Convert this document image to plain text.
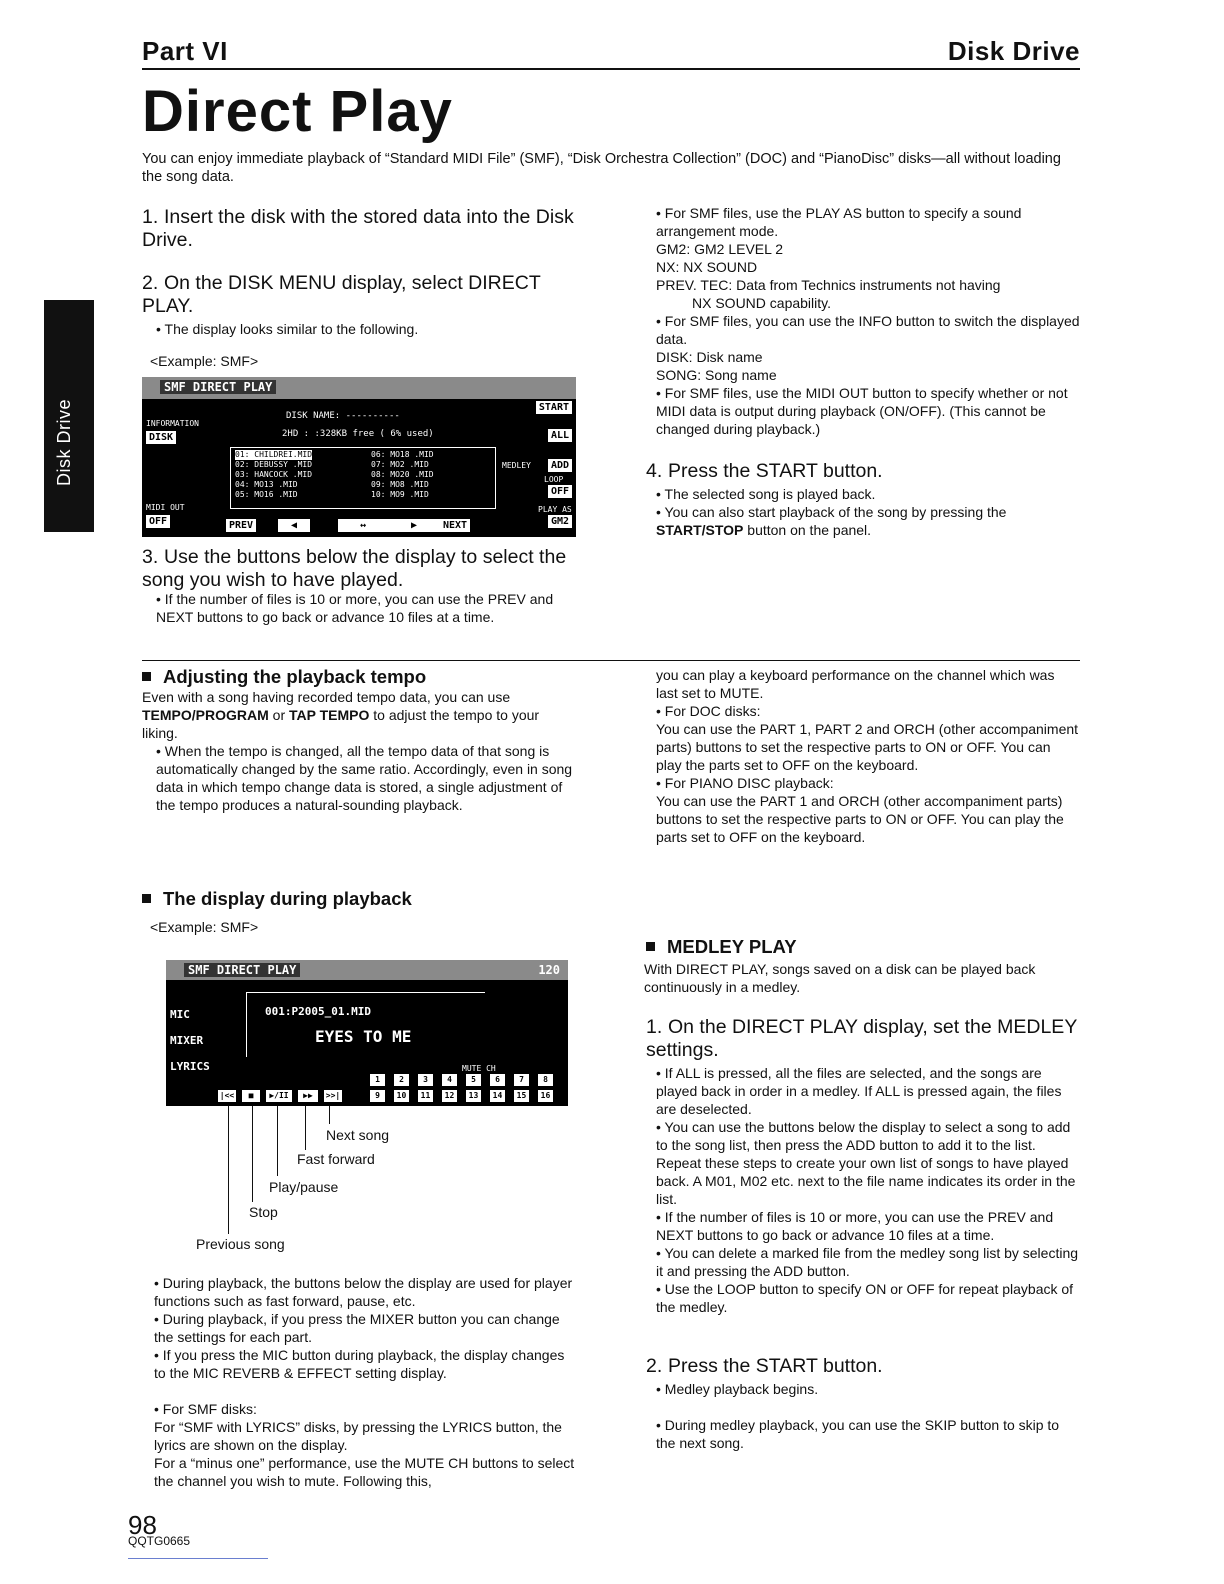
Part VI	Disk Drive
Direct Play
You can enjoy immediate playback of “Standard MIDI File” (SMF), “Disk Orchestra Collection” (DOC) and “PianoDisc” disks—all without loading the song data.
Disk Drive
1. Insert the disk with the stored data into the Disk Drive.
2. On the DISK MENU display, select DIRECT PLAY.
• The display looks similar to the following.
<Example: SMF>
SMF DIRECT PLAY
DISK NAME: ----------
INFORMATION
DISK	2HD : :328KB free ( 6% used)
START
ALL
MEDLEY	ADD
LOOP
OFF
MIDI OUT
OFF
PLAY AS
GM2
01: CHILDREI.MID
02: DEBUSSY .MID
03: HANCOCK .MID
04: MO13 .MID
05: MO16 .MID
06: MO18 .MID
07: MO2 .MID
08: MO20 .MID
09: MO8 .MID
10: MO9 .MID
PREV	◀	↔	▶	NEXT
3. Use the buttons below the display to select the song you wish to have played.
• If the number of files is 10 or more, you can use the PREV and NEXT buttons to go back or advance 10 files at a time.
• For SMF files, use the PLAY AS button to specify a sound arrangement mode.
GM2: GM2 LEVEL 2
NX: NX SOUND
PREV. TEC: Data from Technics instruments not having
NX SOUND capability.
• For SMF files, you can use the INFO button to switch the displayed data.
DISK: Disk name
SONG: Song name
• For SMF files, use the MIDI OUT button to specify whether or not MIDI data is output during playback (ON/OFF). (This cannot be changed during playback.)
4. Press the START button.
• The selected song is played back.
• You can also start playback of the song by pressing the START/STOP button on the panel.
Adjusting the playback tempo
Even with a song having recorded tempo data, you can use TEMPO/PROGRAM or TAP TEMPO to adjust the tempo to your liking.
• When the tempo is changed, all the tempo data of that song is automatically changed by the same ratio. Accordingly, even in song data in which tempo change data is stored, a single adjustment of the tempo produces a natural-sounding playback.
The display during playback
<Example: SMF>
SMF DIRECT PLAY	120
MIC
MIXER
LYRICS
001:P2005_01.MID
EYES TO ME
MUTE CH
1	2	3	4	5	6	7	8
9	10	11	12	13	14	15	16
|<<	■	▶/II	▶▶	>>|
Next song
Fast forward
Play/pause
Stop
Previous song
• During playback, the buttons below the display are used for player functions such as fast forward, pause, etc.
• During playback, if you press the MIXER button you can change the settings for each part.
• If you press the MIC button during playback, the display changes to the MIC REVERB & EFFECT setting display.
• For SMF disks:
For “SMF with LYRICS” disks, by pressing the LYRICS button, the lyrics are shown on the display.
For a “minus one” performance, use the MUTE CH buttons to select the channel you wish to mute. Following this,
you can play a keyboard performance on the channel which was last set to MUTE.
• For DOC disks:
You can use the PART 1, PART 2 and ORCH (other accompaniment parts) buttons to set the respective parts to ON or OFF. You can play the parts set to OFF on the keyboard.
• For PIANO DISC playback:
You can use the PART 1 and ORCH (other accompaniment parts) buttons to set the respective parts to ON or OFF. You can play the parts set to OFF on the keyboard.
MEDLEY PLAY
With DIRECT PLAY, songs saved on a disk can be played back continuously in a medley.
1. On the DIRECT PLAY display, set the MEDLEY settings.
• If ALL is pressed, all the files are selected, and the songs are played back in order in a medley. If ALL is pressed again, the files are deselected.
• You can use the buttons below the display to select a song to add to the song list, then press the ADD button to add it to the list. Repeat these steps to create your own list of songs to have played back. A M01, M02 etc. next to the file name indicates its order in the list.
• If the number of files is 10 or more, you can use the PREV and NEXT buttons to go back or advance 10 files at a time.
• You can delete a marked file from the medley song list by selecting it and pressing the ADD button.
• Use the LOOP button to specify ON or OFF for repeat playback of the medley.
2. Press the START button.
• Medley playback begins.
• During medley playback, you can use the SKIP button to skip to the next song.
98
QQTG0665
